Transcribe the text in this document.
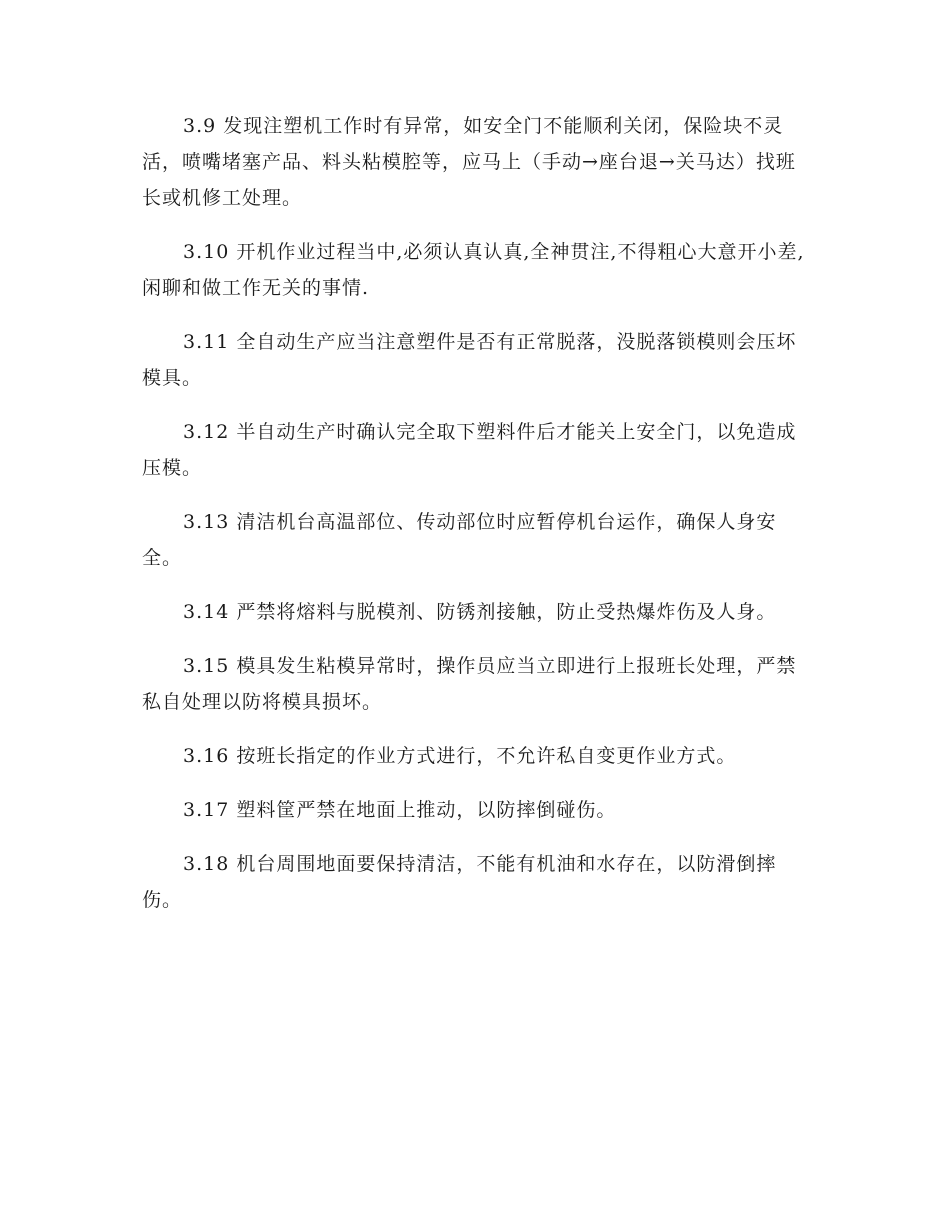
3.9 发现注塑机工作时有异常，如安全门不能顺利关闭，保险块不灵活，喷嘴堵塞产品、料头粘模腔等，应马上（手动→座台退→关马达）找班长或机修工处理。

3.10 开机作业过程当中,必须认真认真,全神贯注,不得粗心大意开小差,闲聊和做工作无关的事情.

3.11 全自动生产应当注意塑件是否有正常脱落，没脱落锁模则会压坏模具。

3.12 半自动生产时确认完全取下塑料件后才能关上安全门，以免造成压模。

3.13 清洁机台高温部位、传动部位时应暂停机台运作，确保人身安全。

3.14 严禁将熔料与脱模剂、防锈剂接触，防止受热爆炸伤及人身。

3.15 模具发生粘模异常时，操作员应当立即进行上报班长处理，严禁私自处理以防将模具损坏。

3.16 按班长指定的作业方式进行，不允许私自变更作业方式。

3.17 塑料筐严禁在地面上推动，以防摔倒碰伤。

3.18 机台周围地面要保持清洁，不能有机油和水存在，以防滑倒摔伤。
